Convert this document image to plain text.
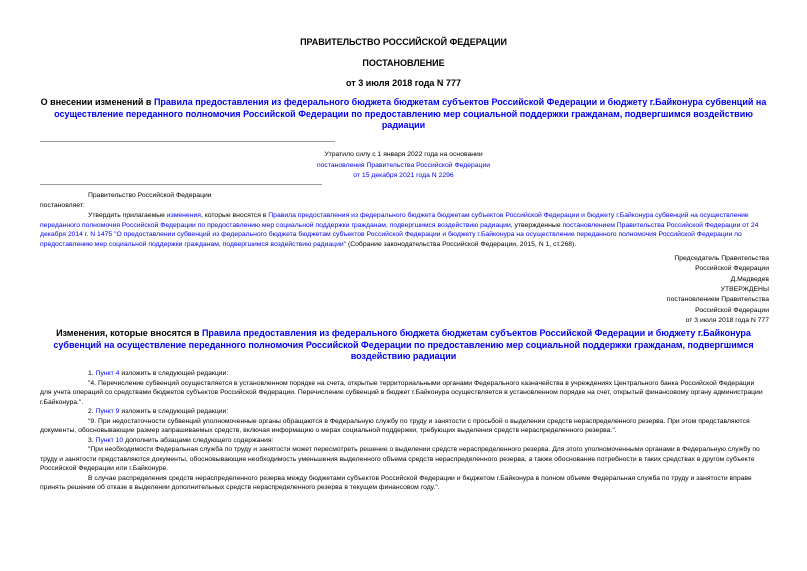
ПРАВИТЕЛЬСТВО РОССИЙСКОЙ ФЕДЕРАЦИИ
ПОСТАНОВЛЕНИЕ
от 3 июля 2018 года N 777
О внесении изменений в Правила предоставления из федерального бюджета бюджетам субъектов Российской Федерации и бюджету г.Байконура субвенций на осуществление переданного полномочия Российской Федерации по предоставлению мер социальной поддержки гражданам, подвергшимся воздействию радиации
Утратило силу с 1 января 2022 года на основании
постановления Правительства Российской Федерации
от 15 декабря 2021 года N 2296
Правительство Российской Федерации
постановляет:
Утвердить прилагаемые изменения, которые вносятся в Правила предоставления из федерального бюджета бюджетам субъектов Российской Федерации и бюджету г.Байконура субвенций на осуществление переданного полномочия Российской Федерации по предоставлению мер социальной поддержки гражданам, подвергшимся воздействию радиации, утвержденные постановлением Правительства Российской Федерации от 24 декабря 2014 г. N 1475 "О предоставлении субвенций из федерального бюджета бюджетам субъектов Российской Федерации и бюджету г.Байконура на осуществление переданного полномочия Российской Федерации по предоставлению мер социальной поддержки гражданам, подвергшимся воздействию радиации" (Собрание законодательства Российской Федерации, 2015, N 1, ст.268).
Председатель Правительства
Российской Федерации
Д.Медведев
УТВЕРЖДЕНЫ
постановлением Правительства
Российской Федерации
от 3 июля 2018 года N 777
Изменения, которые вносятся в Правила предоставления из федерального бюджета бюджетам субъектов Российской Федерации и бюджету г.Байконура субвенций на осуществление переданного полномочия Российской Федерации по предоставлению мер социальной поддержки гражданам, подвергшимся воздействию радиации
1. Пункт 4 изложить в следующей редакции:
"4. Перечисление субвенций осуществляется в установленном порядке на счета, открытые территориальными органами Федерального казначейства в учреждениях Центрального банка Российской Федерации для учета операций со средствами бюджетов субъектов Российской Федерации. Перечисление субвенций в бюджет г.Байконура осуществляется в установленном порядке на счет, открытый финансовому органу администрации г.Байконура.".
2. Пункт 9 изложить в следующей редакции:
"9. При недостаточности субвенций уполномоченные органы обращаются в Федеральную службу по труду и занятости с просьбой о выделении средств нераспределенного резерва. При этом представляются документы, обосновывающие размер запрашиваемых средств, включая информацию о мерах социальной поддержки, требующих выделения средств нераспределенного резерва.".
3. Пункт 10 дополнить абзацами следующего содержания:
"При необходимости Федеральная служба по труду и занятости может пересмотреть решение о выделении средств нераспределенного резерва. Для этого уполномоченными органами в Федеральную службу по труду и занятости представляются документы, обосновывающие необходимость уменьшения выделенного объема средств нераспределенного резерва, а также обоснование потребности в таких средствах в другом субъекте Российской Федерации или г.Байконуре.
В случае распределения средств нераспределенного резерва между бюджетами субъектов Российской Федерации и бюджетом г.Байконура в полном объеме Федеральная служба по труду и занятости вправе принять решение об отказе в выделении дополнительных средств нераспределенного резерва в текущем финансовом году.".
